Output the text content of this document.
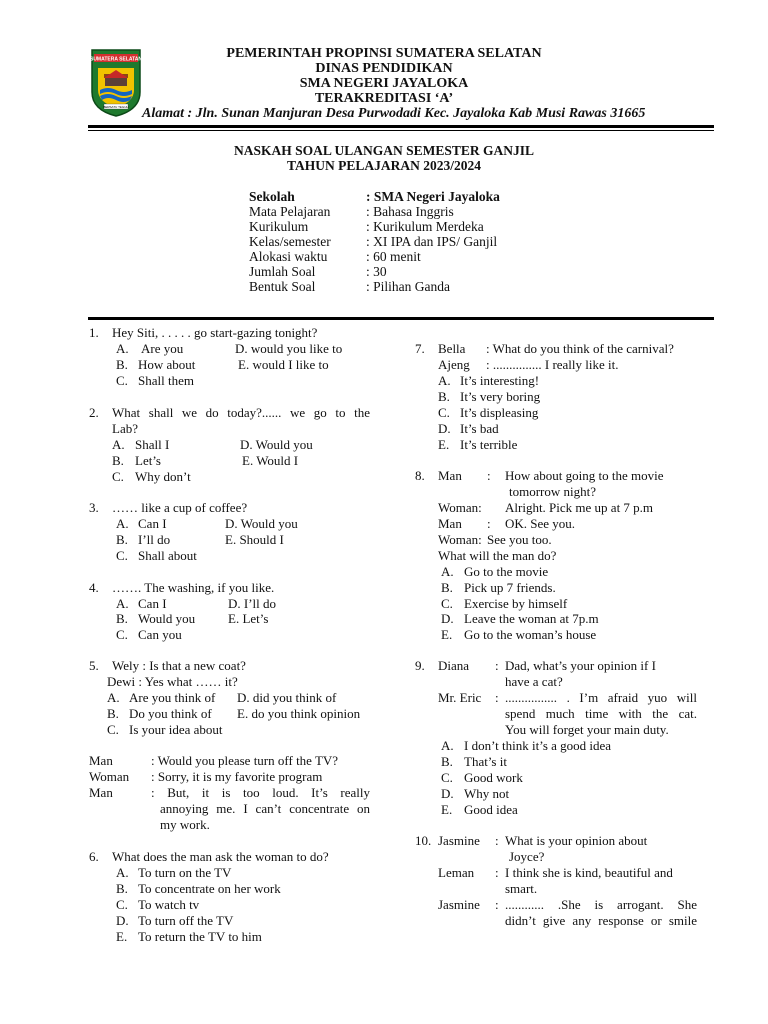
SUMATERA SELATAN
BERSATU TEGUH
PEMERINTAH PROPINSI SUMATERA SELATAN
DINAS PENDIDIKAN
SMA NEGERI JAYALOKA
TERAKREDITASI ‘A’
Alamat : Jln. Sunan Manjuran Desa Purwodadi Kec. Jayaloka Kab Musi Rawas 31665
NASKAH SOAL ULANGAN SEMESTER GANJIL
TAHUN PELAJARAN 2023/2024
Sekolah	: SMA Negeri Jayaloka
Mata Pelajaran	: Bahasa Inggris
Kurikulum	: Kurikulum Merdeka
Kelas/semester	: XI IPA dan IPS/ Ganjil
Alokasi waktu	: 60 menit
Jumlah Soal	: 30
Bentuk Soal	: Pilihan Ganda
1. Hey Siti, . . . . . go start-gazing tonight?
A. Are you	D. would you like to
B. How about	E. would I like to
C. Shall them
2. What shall we do today?...... we go to the
Lab?
A. Shall I	D. Would you
B. Let’s	E. Would I
C. Why don’t
3. …… like a cup of coffee?
A. Can I	D. Would you
B. I’ll do	E. Should I
C. Shall about
4. ……. The washing, if you like.
A. Can I	D. I’ll do
B. Would you	E. Let’s
C. Can you
5. Wely : Is that a new coat?
Dewi : Yes what …… it?
A. Are you think of D. did you think of
B. Do you think of E. do you think opinion
C. Is your idea about
Man	: Would you please turn off the TV?
Woman : Sorry, it is my favorite program
Man	: But, it is too loud. It’s really
annoying me. I can’t concentrate on
my work.
6. What does the man ask the woman to do?
A. To turn on the TV
B. To concentrate on her work
C. To watch tv
D. To turn off the TV
E. To return the TV to him
7. Bella : What do you think of the carnival?
Ajeng : ............... I really like it.
A. It’s interesting!
B. It’s very boring
C. It’s displeasing
D. It’s bad
E. It’s terrible
8. Man : How about going to the movie
tomorrow night?
Woman: Alright. Pick me up at 7 p.m
Man : OK. See you.
Woman: See you too.
What will the man do?
A. Go to the movie
B. Pick up 7 friends.
C. Exercise by himself
D. Leave the woman at 7p.m
E. Go to the woman’s house
9. Diana : Dad, what’s your opinion if I
have a cat?
Mr. Eric : ................ . I’m afraid yuo will
spend much time with the cat.
You will forget your main duty.
A. I don’t think it’s a good idea
B. That’s it
C. Good work
D. Why not
E. Good idea
10. Jasmine : What is your opinion about
Joyce?
Leman : I think she is kind, beautiful and
smart.
Jasmine : ............ .She is arrogant. She
didn’t give any response or smile
